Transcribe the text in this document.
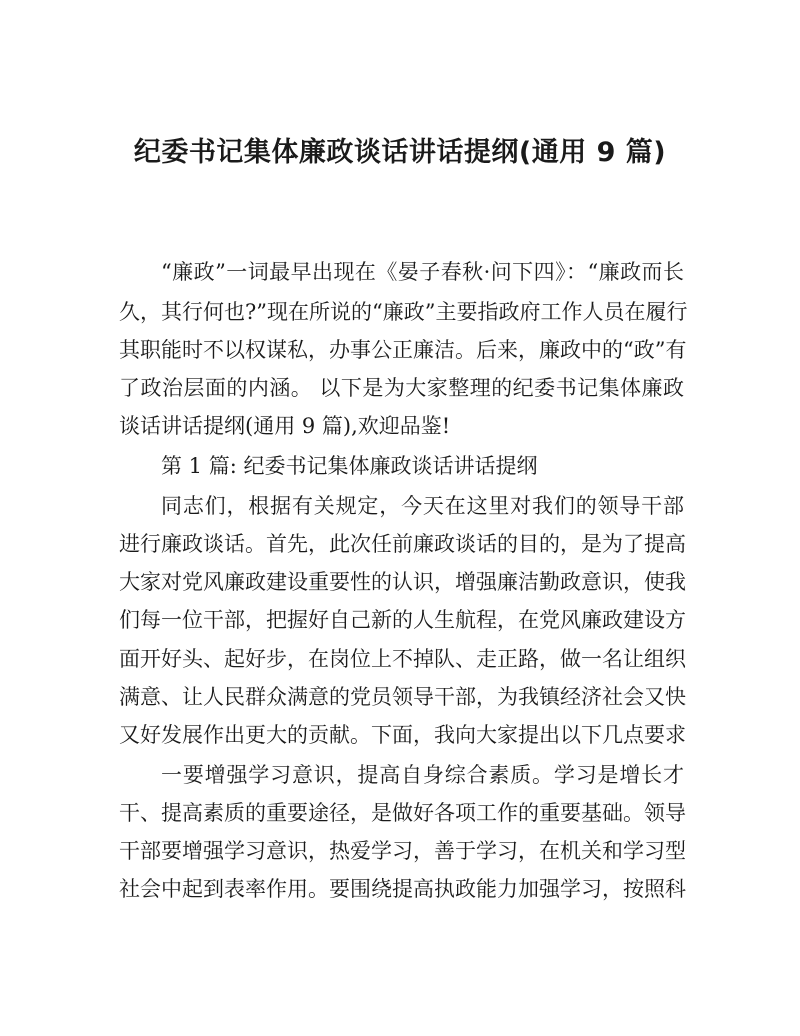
纪委书记集体廉政谈话讲话提纲(通用 9 篇)

“廉政”一词最早出现在《晏子春秋·问下四》：“廉政而长

久，其行何也?”现在所说的“廉政”主要指政府工作人员在履行

其职能时不以权谋私，办事公正廉洁。后来，廉政中的“政”有

了政治层面的内涵。 以下是为大家整理的纪委书记集体廉政

谈话讲话提纲(通用 9 篇),欢迎品鉴!

第 1 篇: 纪委书记集体廉政谈话讲话提纲

同志们，根据有关规定，今天在这里对我们的领导干部

进行廉政谈话。首先，此次任前廉政谈话的目的，是为了提高

大家对党风廉政建设重要性的认识，增强廉洁勤政意识，使我

们每一位干部，把握好自己新的人生航程，在党风廉政建设方

面开好头、起好步，在岗位上不掉队、走正路，做一名让组织

满意、让人民群众满意的党员领导干部，为我镇经济社会又快

又好发展作出更大的贡献。下面，我向大家提出以下几点要求

一要增强学习意识，提高自身综合素质。学习是增长才

干、提高素质的重要途径，是做好各项工作的重要基础。领导

干部要增强学习意识，热爱学习，善于学习，在机关和学习型

社会中起到表率作用。要围绕提高执政能力加强学习，按照科
